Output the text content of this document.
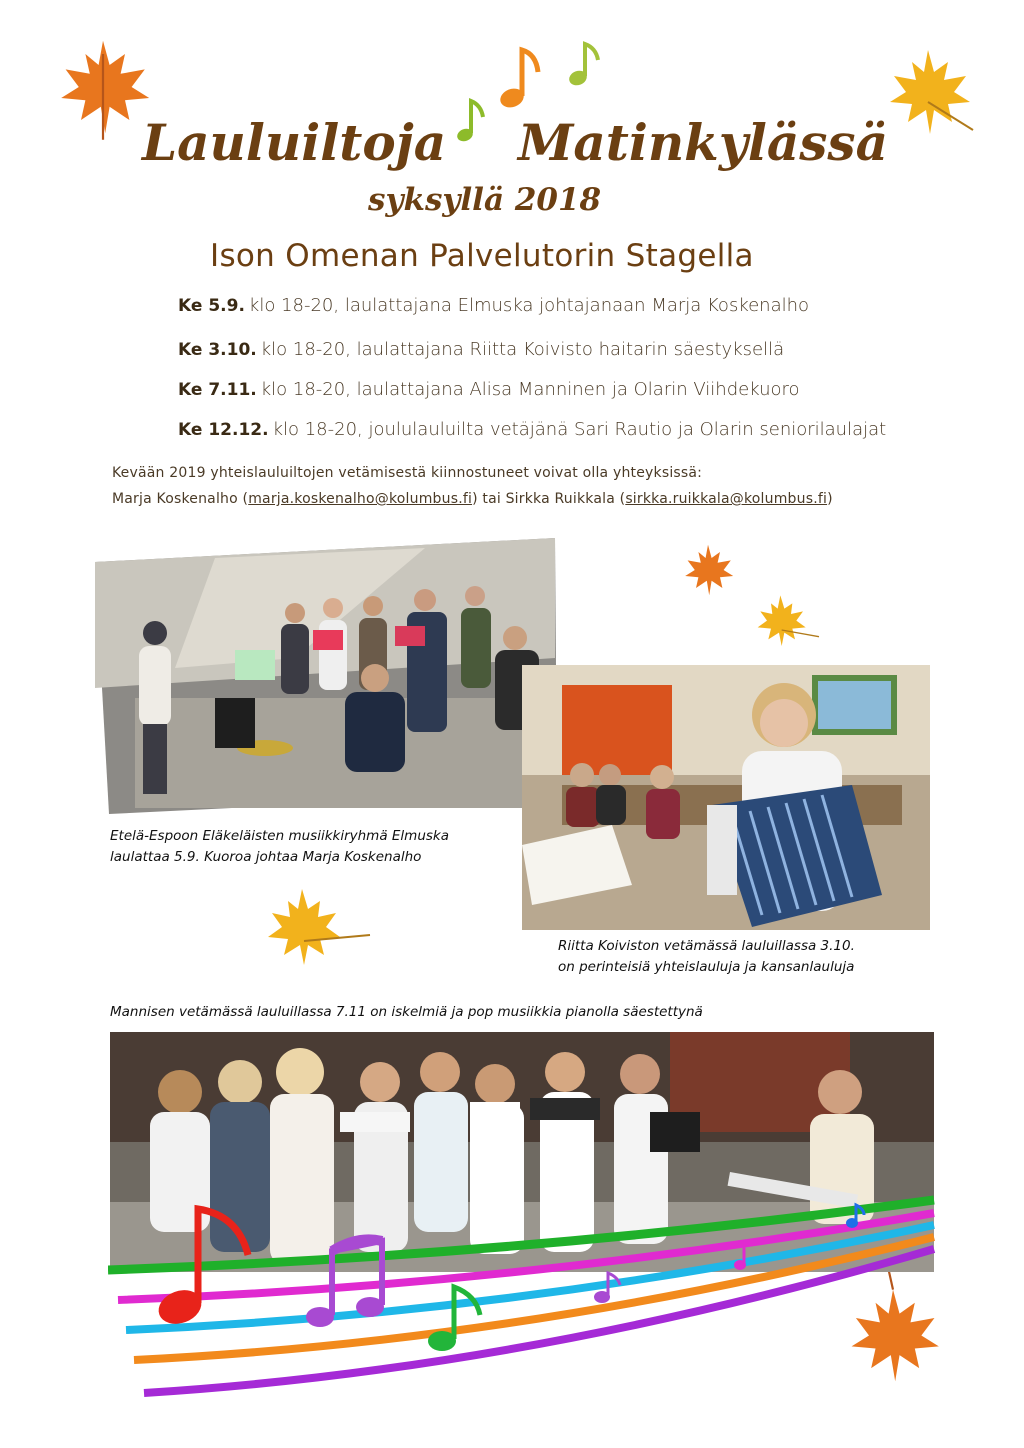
Lauluiltoja Matinkylässä
syksyllä 2018
Ison Omenan Palvelutorin Stagella
Ke 5.9. klo 18-20, laulattajana Elmuska johtajanaan Marja Koskenalho
Ke 3.10. klo 18-20, laulattajana Riitta Koivisto haitarin säestyksellä
Ke 7.11. klo 18-20, laulattajana Alisa Manninen ja Olarin Viihdekuoro
Ke 12.12. klo 18-20, joululauluilta vetäjänä Sari Rautio ja Olarin seniorilaulajat
Kevään 2019 yhteislauluiltojen vetämisestä kiinnostuneet voivat olla yhteyksissä:
Marja Koskenalho (marja.koskenalho@kolumbus.fi) tai Sirkka Ruikkala (sirkka.ruikkala@kolumbus.fi)
Etelä-Espoon Eläkeläisten musiikkiryhmä Elmuska
laulattaa 5.9. Kuoroa johtaa Marja Koskenalho
Riitta Koiviston vetämässä lauluillassa 3.10.
on perinteisiä yhteislauluja ja kansanlauluja
Mannisen vetämässä lauluillassa 7.11 on iskelmiä ja pop musiikkia pianolla säestettynä
